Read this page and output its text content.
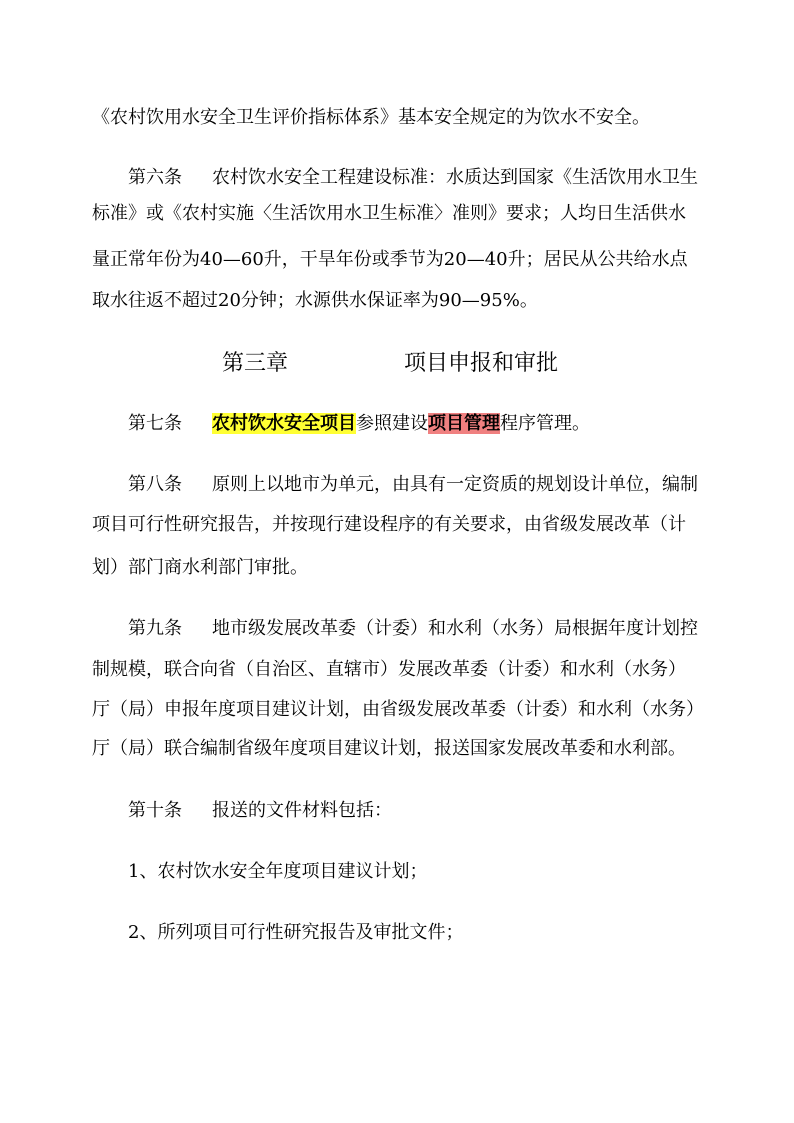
《农村饮用水安全卫生评价指标体系》基本安全规定的为饮水不安全。
第六条 农村饮水安全工程建设标准：水质达到国家《生活饮用水卫生
标准》或《农村实施〈生活饮用水卫生标准〉准则》要求；人均日生活供水
量正常年份为40—60升，干旱年份或季节为20—40升；居民从公共给水点
取水往返不超过20分钟；水源供水保证率为90—95%。
第三章	项目申报和审批
第七条 农村饮水安全项目参照建设项目管理程序管理。
第八条 原则上以地市为单元，由具有一定资质的规划设计单位，编制
项目可行性研究报告，并按现行建设程序的有关要求，由省级发展改革（计
划）部门商水利部门审批。
第九条 地市级发展改革委（计委）和水利（水务）局根据年度计划控
制规模，联合向省（自治区、直辖市）发展改革委（计委）和水利（水务）
厅（局）申报年度项目建议计划，由省级发展改革委（计委）和水利（水务）
厅（局）联合编制省级年度项目建议计划，报送国家发展改革委和水利部。
第十条 报送的文件材料包括：
1、农村饮水安全年度项目建议计划；
2、所列项目可行性研究报告及审批文件；
